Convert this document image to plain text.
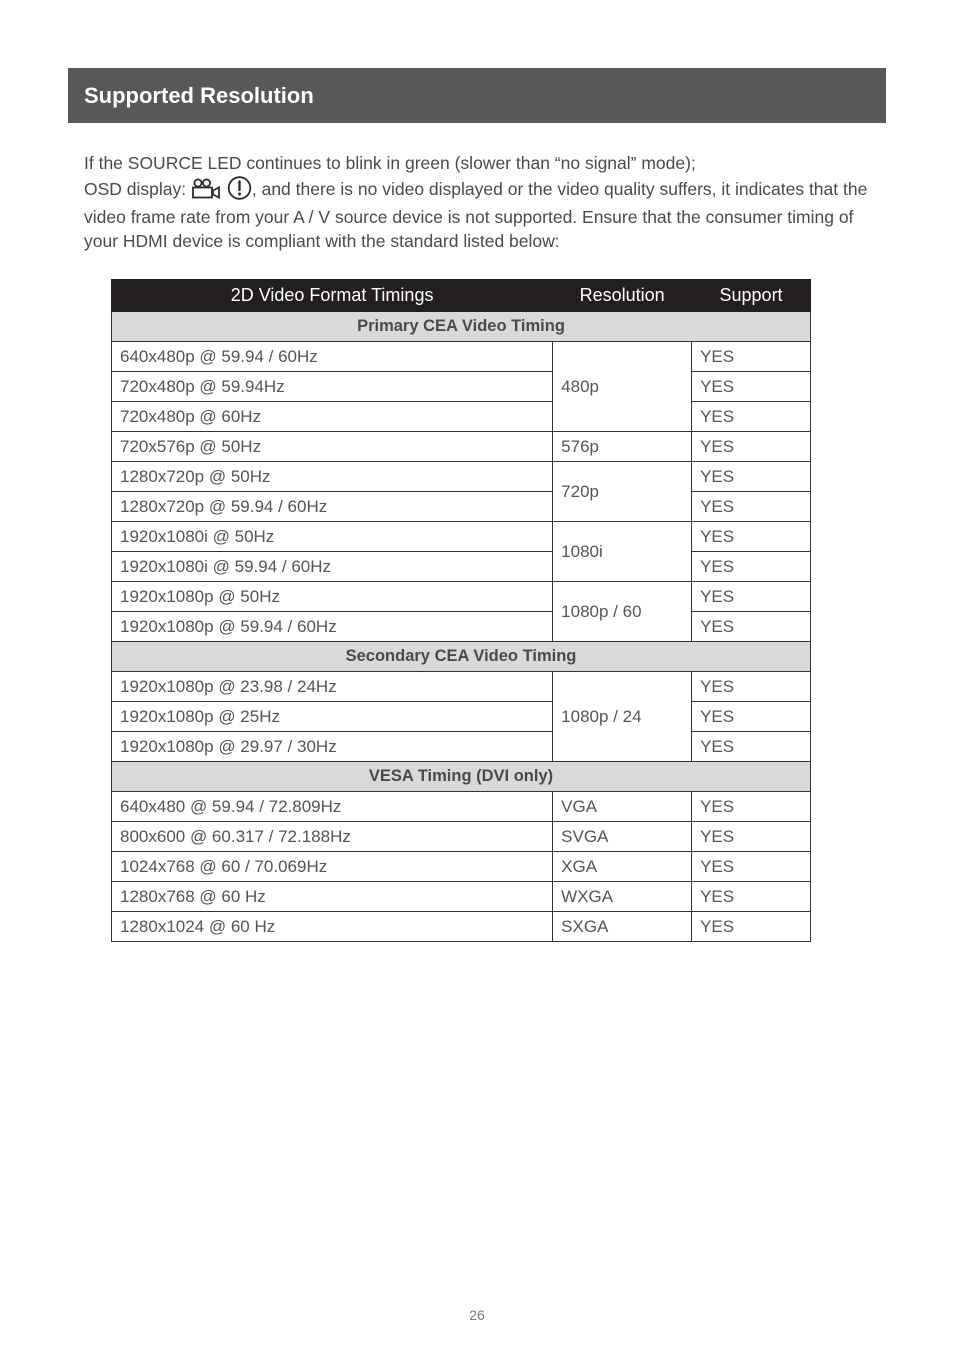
Supported Resolution

If the SOURCE LED continues to blink in green (slower than “no signal” mode);

OSD display:	, and there is no video displayed or the video quality suffers, it indicates that the video frame rate from your A / V source device is not supported. Ensure that the consumer timing of your HDMI device is compliant with the standard listed below:

2D Video Format Timings	Resolution	Support
Primary CEA Video Timing		
640x480p @ 59.94 / 60Hz	480p	YES
720x480p @ 59.94Hz		YES
720x480p @ 60Hz		YES
720x576p @ 50Hz	576p	YES
1280x720p @ 50Hz	720p	YES
1280x720p @ 59.94 / 60Hz		YES
1920x1080i @ 50Hz	1080i	YES
1920x1080i @ 59.94 / 60Hz		YES
1920x1080p @ 50Hz	1080p / 60	YES
1920x1080p @ 59.94 / 60Hz		YES
Secondary CEA Video Timing		
1920x1080p @ 23.98 / 24Hz	1080p / 24	YES
1920x1080p @ 25Hz		YES
1920x1080p @ 29.97 / 30Hz		YES
VESA Timing (DVI only)		
640x480 @ 59.94 / 72.809Hz	VGA	YES
800x600 @ 60.317 / 72.188Hz	SVGA	YES
1024x768 @ 60 / 70.069Hz	XGA	YES
1280x768 @ 60 Hz	WXGA	YES
1280x1024 @ 60 Hz	SXGA	YES
26
